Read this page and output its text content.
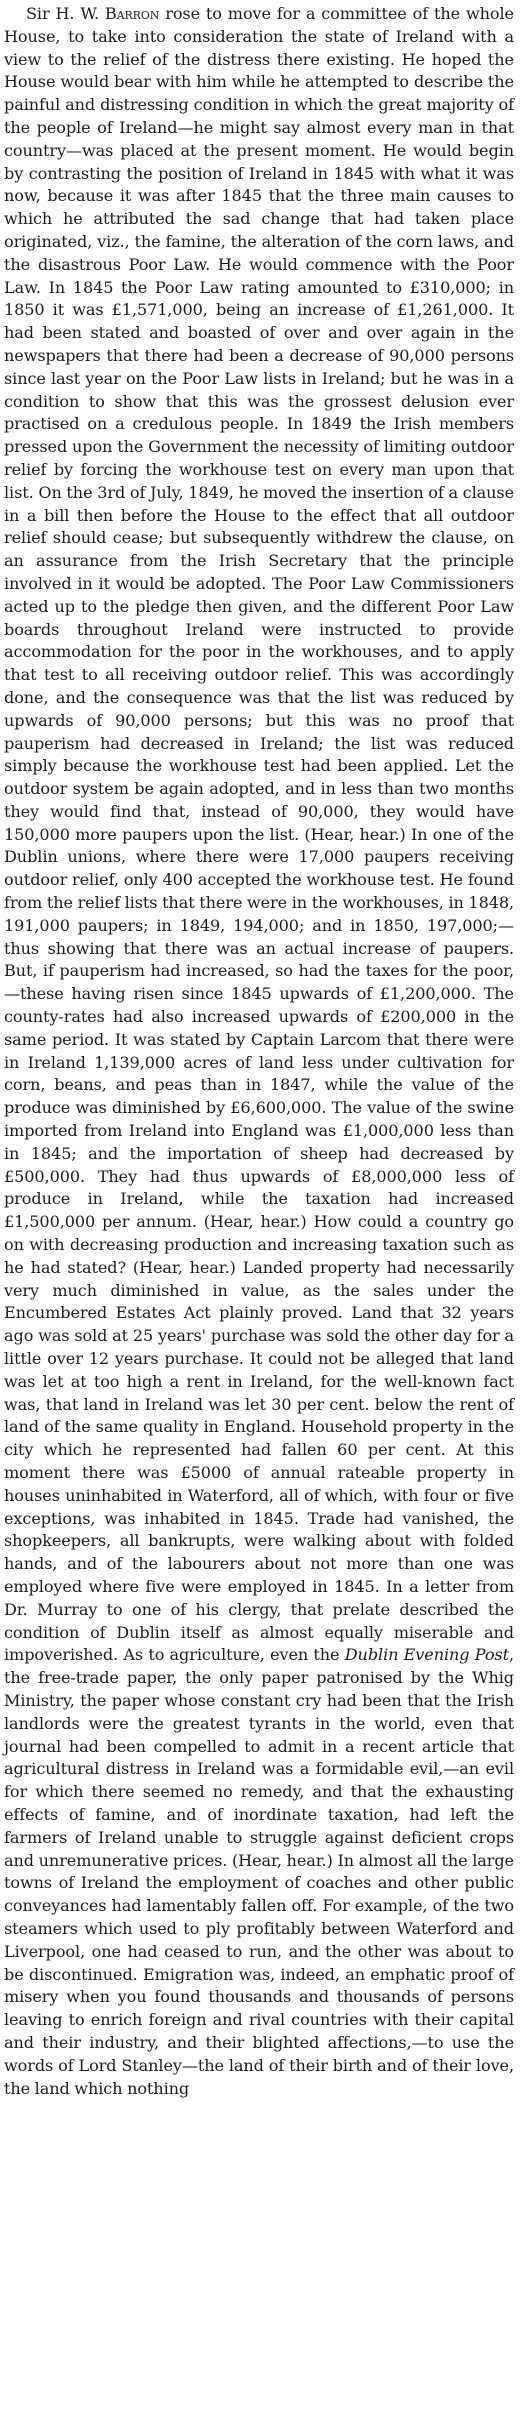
Sir H. W. Barron rose to move for a committee of the whole House, to take into consideration the state of Ireland with a view to the relief of the distress there existing. He hoped the House would bear with him while he attempted to describe the painful and distressing condition in which the great majority of the people of Ireland—he might say almost every man in that country—was placed at the present moment. He would begin by contrasting the position of Ireland in 1845 with what it was now, because it was after 1845 that the three main causes to which he attributed the sad change that had taken place originated, viz., the famine, the alteration of the corn laws, and the disastrous Poor Law. He would commence with the Poor Law. In 1845 the Poor Law rating amounted to £310,000; in 1850 it was £1,571,000, being an increase of £1,261,000. It had been stated and boasted of over and over again in the newspapers that there had been a decrease of 90,000 persons since last year on the Poor Law lists in Ireland; but he was in a condition to show that this was the grossest delusion ever practised on a credulous people. In 1849 the Irish members pressed upon the Government the necessity of limiting outdoor relief by forcing the workhouse test on every man upon that list. On the 3rd of July, 1849, he moved the insertion of a clause in a bill then before the House to the effect that all outdoor relief should cease; but subsequently withdrew the clause, on an assurance from the Irish Secretary that the principle involved in it would be adopted. The Poor Law Commissioners acted up to the pledge then given, and the different Poor Law boards throughout Ireland were instructed to provide accommodation for the poor in the workhouses, and to apply that test to all receiving outdoor relief. This was accordingly done, and the consequence was that the list was reduced by upwards of 90,000 persons; but this was no proof that pauperism had decreased in Ireland; the list was reduced simply because the workhouse test had been applied. Let the outdoor system be again adopted, and in less than two months they would find that, instead of 90,000, they would have 150,000 more paupers upon the list. (Hear, hear.) In one of the Dublin unions, where there were 17,000 paupers receiving outdoor relief, only 400 accepted the workhouse test. He found from the relief lists that there were in the workhouses, in 1848, 191,000 paupers; in 1849, 194,000; and in 1850, 197,000;—thus showing that there was an actual increase of paupers. But, if pauperism had increased, so had the taxes for the poor,—these having risen since 1845 upwards of £1,200,000. The county-rates had also increased upwards of £200,000 in the same period. It was stated by Captain Larcom that there were in Ireland 1,139,000 acres of land less under cultivation for corn, beans, and peas than in 1847, while the value of the produce was diminished by £6,600,000. The value of the swine imported from Ireland into England was £1,000,000 less than in 1845; and the importation of sheep had decreased by £500,000. They had thus upwards of £8,000,000 less of produce in Ireland, while the taxation had increased £1,500,000 per annum. (Hear, hear.) How could a country go on with decreasing production and increasing taxation such as he had stated? (Hear, hear.) Landed property had necessarily very much diminished in value, as the sales under the Encumbered Estates Act plainly proved. Land that 32 years ago was sold at 25 years' purchase was sold the other day for a little over 12 years purchase. It could not be alleged that land was let at too high a rent in Ireland, for the well-known fact was, that land in Ireland was let 30 per cent. below the rent of land of the same quality in England. Household property in the city which he represented had fallen 60 per cent. At this moment there was £5000 of annual rateable property in houses uninhabited in Waterford, all of which, with four or five exceptions, was inhabited in 1845. Trade had vanished, the shopkeepers, all bankrupts, were walking about with folded hands, and of the labourers about not more than one was employed where five were employed in 1845. In a letter from Dr. Murray to one of his clergy, that prelate described the condition of Dublin itself as almost equally miserable and impoverished. As to agriculture, even the Dublin Evening Post, the free-trade paper, the only paper patronised by the Whig Ministry, the paper whose constant cry had been that the Irish landlords were the greatest tyrants in the world, even that journal had been compelled to admit in a recent article that agricultural distress in Ireland was a formidable evil,—an evil for which there seemed no remedy, and that the exhausting effects of famine, and of inordinate taxation, had left the farmers of Ireland unable to struggle against deficient crops and unremunerative prices. (Hear, hear.) In almost all the large towns of Ireland the employment of coaches and other public conveyances had lamentably fallen off. For example, of the two steamers which used to ply profitably between Waterford and Liverpool, one had ceased to run, and the other was about to be discontinued. Emigration was, indeed, an emphatic proof of misery when you found thousands and thousands of persons leaving to enrich foreign and rival countries with their capital and their industry, and their blighted affections,—to use the words of Lord Stanley—the land of their birth and of their love, the land which nothing
